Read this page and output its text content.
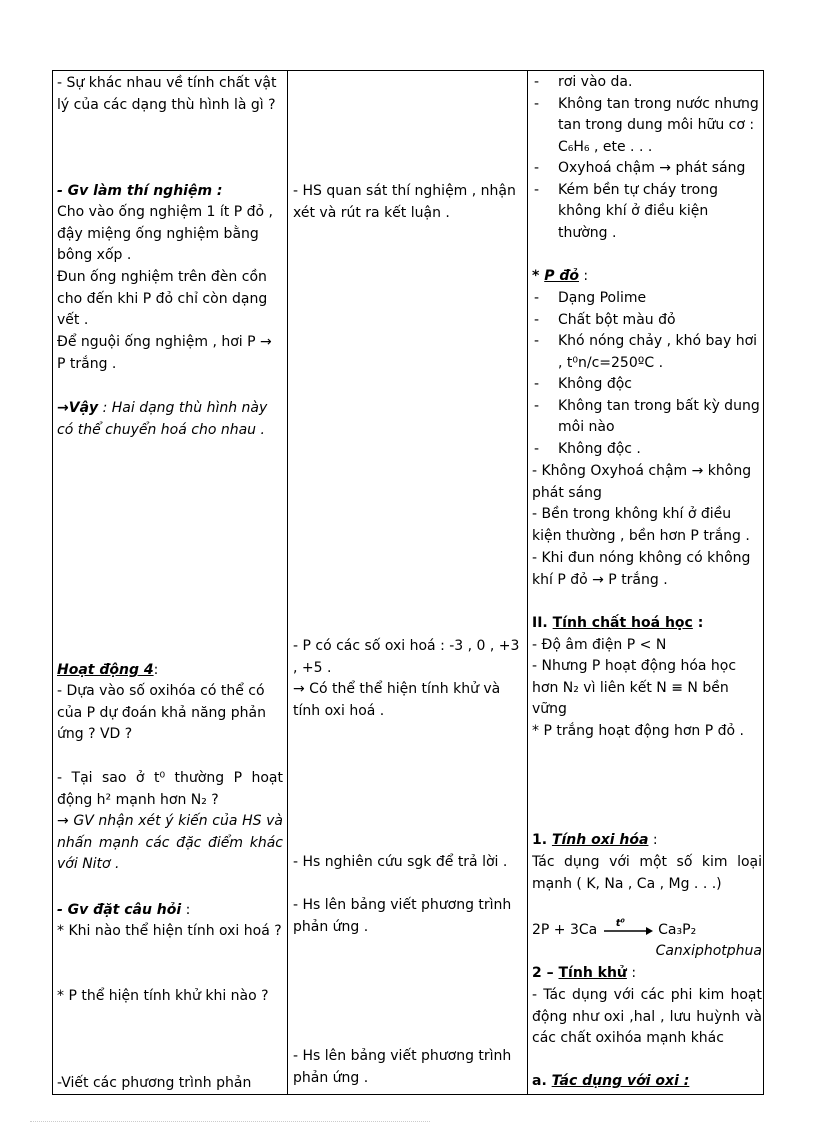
- Sự khác nhau về tính chất vật lý của các dạng thù hình là gì ?
- Gv làm thí nghiệm :
Cho vào ống nghiệm 1 ít P đỏ , đậy miệng ống nghiệm bằng bông xốp .
Đun ống nghiệm trên đèn cồn cho đến khi P đỏ chỉ còn dạng vết .
Để nguội ống nghiệm , hơi P → P trắng .
→Vậy : Hai dạng thù hình này có thể chuyển hoá cho nhau .
Hoạt động 4:
- Dựa vào số oxihóa có thể có của P dự đoán khả năng phản ứng ? VD ?
- Tại sao ở t⁰ thường P hoạt động h² mạnh hơn N₂ ?
→ GV nhận xét ý kiến của HS và nhấn mạnh các đặc điểm khác với Nitơ .
- Gv đặt câu hỏi :
* Khi nào thể hiện tính oxi hoá ?
* P thể hiện tính khử khi nào ?
-Viết các phương trình phản
- HS quan sát thí nghiệm , nhận xét và rút ra kết luận .
- P có các số oxi hoá : -3 , 0 , +3 , +5 .
→ Có thể thể hiện tính khử và tính oxi hoá .
- Hs nghiên cứu sgk để trả lời .
- Hs lên bảng viết phương trình phản ứng .
- Hs lên bảng viết phương trình phản ứng .
- rơi vào da.
- Không tan trong nước nhưng tan trong dung môi hữu cơ : C₆H₆ , ete . . .
- Oxyhoá chậm → phát sáng
- Kém bền tự cháy trong không khí ở điều kiện thường .
* P đỏ :
- Dạng Polime
- Chất bột màu đỏ
- Khó nóng chảy , khó bay hơi , t⁰n/c=250ºC .
- Không độc
- Không tan trong bất kỳ dung môi nào
- Không độc .
- Không Oxyhoá chậm → không phát sáng
- Bền trong không khí ở điều kiện thường , bền hơn P trắng .
- Khi đun nóng không có không khí P đỏ → P trắng .
II. Tính chất hoá học :
- Độ âm điện P < N
- Nhưng P hoạt động hóa học hơn N₂ vì liên kết N ≡ N bền vững
* P trắng hoạt động hơn P đỏ .
1. Tính oxi hóa :
Tác dụng với một số kim loại mạnh ( K, Na , Ca , Mg . . .)
2P + 3Ca t⁰ Ca₃P₂
Canxiphotphua
2 – Tính khử :
- Tác dụng với các phi kim hoạt động như oxi ,hal , lưu huỳnh và các chất oxihóa mạnh khác
a. Tác dụng với oxi :
